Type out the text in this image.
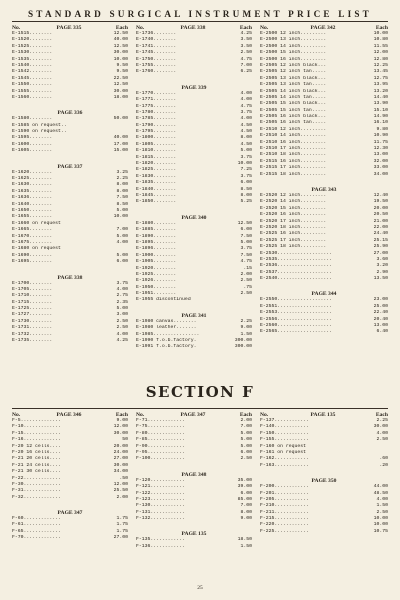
STANDARD SURGICAL INSTRUMENT PRICE LIST
No.	PAGE 335	Each
E-1515........	12.50
E-1520........	40.00
E-1525........	12.50
E-1530........	30.00
E-1535........	10.00
E-1540........	9.50
E-1542........	9.50
E-1545........	22.50
E-1550........	12.50
E-1555........	30.00
E-1560........	18.00
PAGE 336
E-1580........	50.00
E-1585 on request..
E-1590 on request..
E-1595........	40.00
E-1600........	17.00
E-1605........	15.00
PAGE 337
E-1620........	3.25
E-1625........	2.25
E-1630........	8.00
E-1635........	8.00
E-1636........	7.50
E-1640........	8.50
E-1650........	5.00
E-1655........	10.00
E-1660 on request
E-1665........	7.00
E-1670........	5.00
E-1675........	4.00
E-1680 on request
E-1690........	5.00
E-1695........	6.00
PAGE 338
E-1700........	3.75
E-1705........	4.00
E-1710........	2.75
E-1715........	2.35
E-1725........	5.00
E-1727........	3.00
E-1730........	2.50
E-1731........	2.50
E-1732........	4.00
E-1735........	4.25
No.	PAGE 338	Each
E-1736........	4.25
E-1740........	3.50
E-1741........	3.50
E-1745........	2.50
E-1750........	4.75
E-1755........	7.00
E-1760........	6.25
PAGE 339
E-1770........	4.00
E-1771........	4.00
E-1775........	4.75
E-1780........	3.75
E-1785........	4.00
E-1790........	4.50
E-1795........	4.50
E-1800........	8.00
E-1805........	4.50
E-1810........	5.00
E-1815........	3.75
E-1820........	10.00
E-1825........	7.25
E-1830........	3.75
E-1835........	6.00
E-1840........	8.50
E-1845........	8.00
E-1850........	5.25
PAGE 340
E-1880........	12.50
E-1885........	6.00
E-1890........	7.50
E-1895........	5.00
E-1896........	3.75
E-1900........	7.50
E-1905........	4.75
E-1920........	.15
E-1925........	2.00
E-1926........	2.50
E-1950........	.75
E-1951........	2.50
E-1955 discontinued
PAGE 341
E-1980 canvas........	2.25
E-1980 leather.......	9.00
E-1985................	1.50
E-1990 f.o.b.factory.	300.00
E-1991 f.o.b.factory.	300.00
No.	PAGE 342	Each
E-2500 12 inch.........	10.00
E-2500 13 inch.........	10.80
E-2500 14 inch.........	11.55
E-2500 15 inch.........	12.00
E-2500 16 inch.........	12.80
E-2505 12 inch black...	12.25
E-2505 12 inch tan.....	13.45
E-2505 13 inch black...	12.75
E-2505 13 inch tan.....	13.95
E-2505 14 inch black...	13.20
E-2505 14 inch tan.....	14.40
E-2505 15 inch black...	13.90
E-2505 15 inch tan.....	15.10
E-2505 16 inch black...	14.90
E-2505 16 inch tan.....	16.10
E-2510 12 inch.........	9.80
E-2510 14 inch.........	10.90
E-2510 16 inch.........	11.75
E-2510 17 inch.........	12.30
E-2510 18 inch.........	13.00
E-2515 16 inch.........	32.00
E-2515 17 inch.........	33.00
E-2515 18 inch.........	34.00
PAGE 343
E-2520 12 inch.........	12.40
E-2520 14 inch.........	19.50
E-2520 15 inch.........	20.00
E-2520 16 inch.........	20.50
E-2520 17 inch.........	21.00
E-2520 18 inch.........	22.00
E-2525 16 inch.........	24.40
E-2525 17 inch.........	25.15
E-2525 18 inch.........	25.90
E-2530...................	27.00
E-2535...................	3.60
E-2536...................	3.20
E-2537...................	2.90
E-2540...................	13.50
PAGE 344
E-2550...................	23.00
E-2551...................	25.00
E-2553...................	22.40
E-2556...................	20.40
E-2560...................	13.00
E-2565...................	6.40
SECTION F
No.	PAGE 346	Each
F-5..............	9.00
F-10.............	12.00
F-15.............	30.00
F-16.............	50
F-20 12 cells....	20.00
F-20 16 cells....	24.00
F-21 20 cells....	27.00
F-21 24 cells....	30.00
F-21 30 cells....	34.00
F-22.............	.50
F-30.............	12.00
F-31.............	25.50
F-32.............	2.00
PAGE 347
F-60.............	1.75
F-61.............	1.75
F-65.............	1.75
F-70.............	27.00
No.	PAGE 347	Each
F-71.............	2.00
F-75.............	7.00
F-80.............	5.00
F-85.............	5.00
F-90.............	5.00
F-95.............	6.00
F-100............	2.50
PAGE 348
F-120............	35.00
F-121............	39.00
F-122............	6.00
F-123............	85.00
F-130............	7.00
F-131............	8.00
F-132............	9.00
PAGE 135
F-135............	18.50
F-136............	1.50
No.	PAGE 135	Each
F-137............	2.25
F-140............	30.00
F-150............	4.00
F-155............	2.50
F-160 on request
F-161 on request
F-162............	.60
F-163............	.20
PAGE 350
F-200............	44.00
F-201............	48.50
F-205............	4.00
F-210............	1.50
F-211............	2.50
F-215............	10.00
F-220............	10.00
F-225............	10.75
25
